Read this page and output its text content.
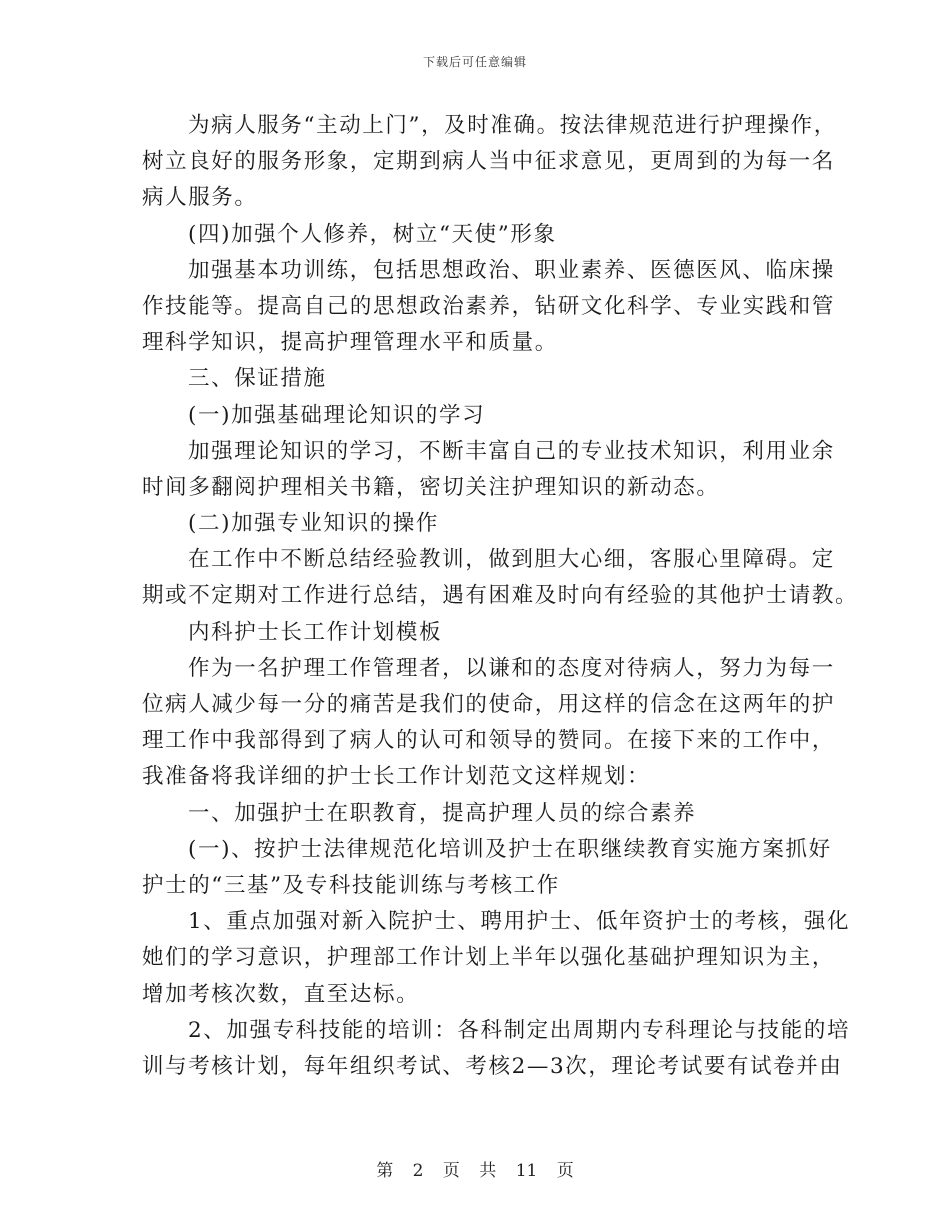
下载后可任意编辑
为病人服务“主动上门”，及时准确。按法律规范进行护理操作，
树立良好的服务形象，定期到病人当中征求意见，更周到的为每一名
病人服务。
(四)加强个人修养，树立“天使”形象
加强基本功训练，包括思想政治、职业素养、医德医风、临床操
作技能等。提高自己的思想政治素养，钻研文化科学、专业实践和管
理科学知识，提高护理管理水平和质量。
三、保证措施
(一)加强基础理论知识的学习
加强理论知识的学习，不断丰富自己的专业技术知识，利用业余
时间多翻阅护理相关书籍，密切关注护理知识的新动态。
(二)加强专业知识的操作
在工作中不断总结经验教训，做到胆大心细，客服心里障碍。定
期或不定期对工作进行总结，遇有困难及时向有经验的其他护士请教。
内科护士长工作计划模板
作为一名护理工作管理者，以谦和的态度对待病人，努力为每一
位病人减少每一分的痛苦是我们的使命，用这样的信念在这两年的护
理工作中我部得到了病人的认可和领导的赞同。在接下来的工作中，
我准备将我详细的护士长工作计划范文这样规划：
一、加强护士在职教育，提高护理人员的综合素养
(一)、按护士法律规范化培训及护士在职继续教育实施方案抓好
护士的“三基”及专科技能训练与考核工作
1、重点加强对新入院护士、聘用护士、低年资护士的考核，强化
她们的学习意识，护理部工作计划上半年以强化基础护理知识为主，
增加考核次数，直至达标。
2、加强专科技能的培训：各科制定出周期内专科理论与技能的培
训与考核计划，每年组织考试、考核2—3次，理论考试要有试卷并由
第 2 页 共 11 页
